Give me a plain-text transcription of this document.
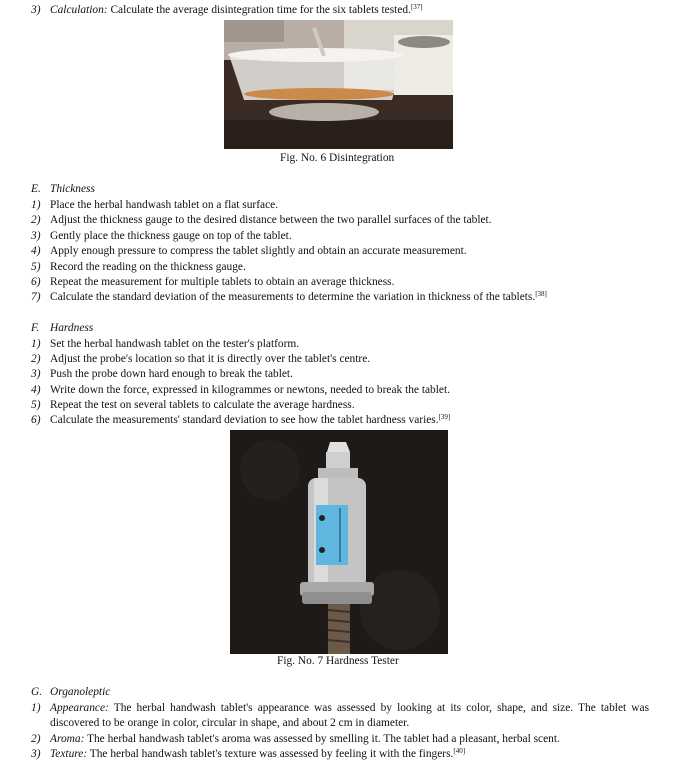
3) Calculation: Calculate the average disintegration time for the six tablets tested.[37]
Fig. No. 6 Disintegration
E. Thickness
1) Place the herbal handwash tablet on a flat surface.
2) Adjust the thickness gauge to the desired distance between the two parallel surfaces of the tablet.
3) Gently place the thickness gauge on top of the tablet.
4) Apply enough pressure to compress the tablet slightly and obtain an accurate measurement.
5) Record the reading on the thickness gauge.
6) Repeat the measurement for multiple tablets to obtain an average thickness.
7) Calculate the standard deviation of the measurements to determine the variation in thickness of the tablets.[38]
F. Hardness
1) Set the herbal handwash tablet on the tester's platform.
2) Adjust the probe's location so that it is directly over the tablet's centre.
3) Push the probe down hard enough to break the tablet.
4) Write down the force, expressed in kilogrammes or newtons, needed to break the tablet.
5) Repeat the test on several tablets to calculate the average hardness.
6) Calculate the measurements' standard deviation to see how the tablet hardness varies.[39]
Fig. No. 7 Hardness Tester
G. Organoleptic
1) Appearance: The herbal handwash tablet's appearance was assessed by looking at its color, shape, and size. The tablet was
discovered to be orange in color, circular in shape, and about 2 cm in diameter.
2) Aroma: The herbal handwash tablet's aroma was assessed by smelling it. The tablet had a pleasant, herbal scent.
3) Texture: The herbal handwash tablet's texture was assessed by feeling it with the fingers.[40]
